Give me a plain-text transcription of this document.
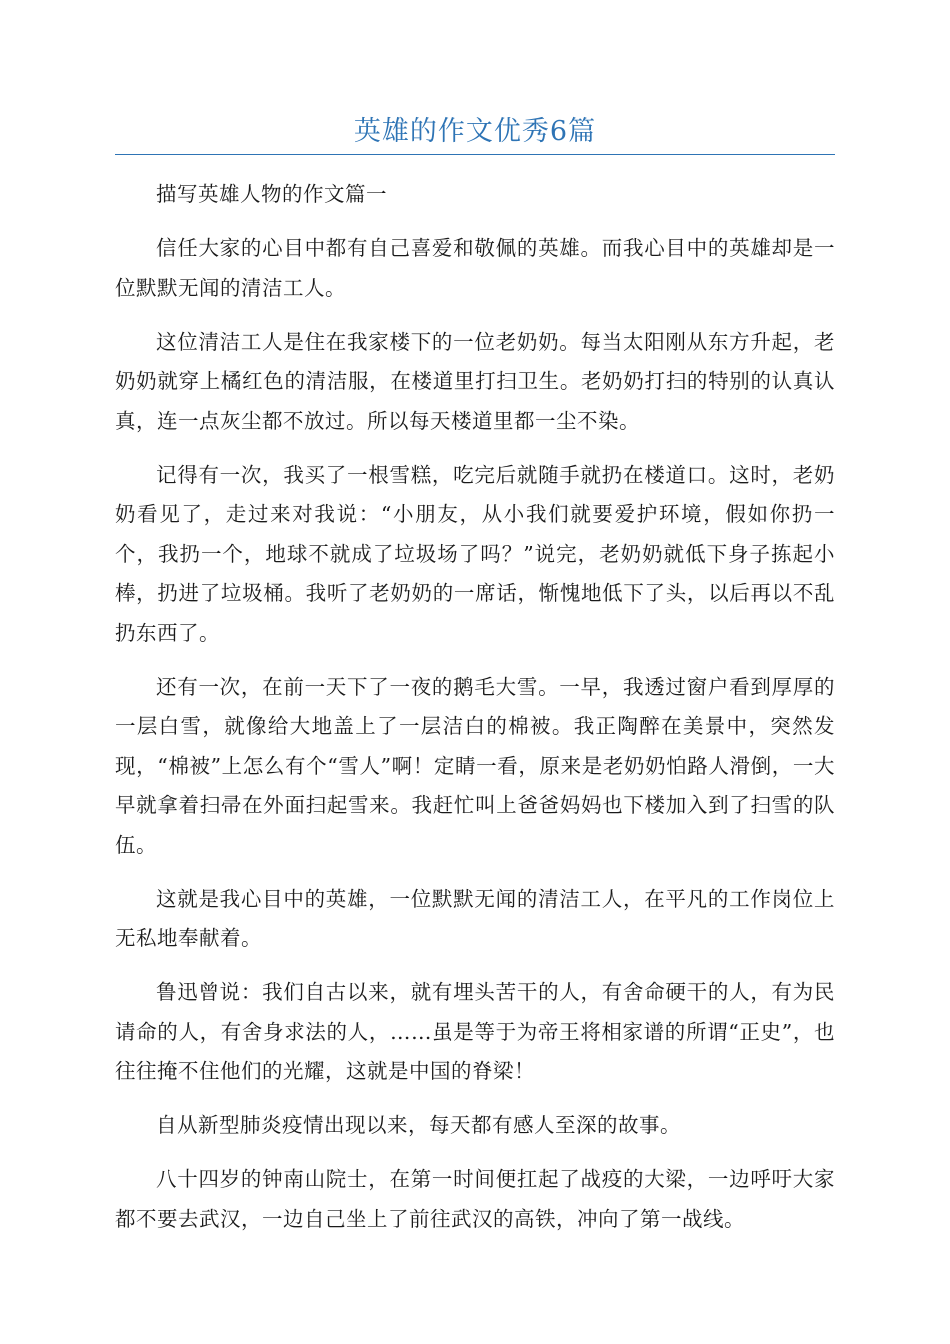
英雄的作文优秀6篇

描写英雄人物的作文篇一

信任大家的心目中都有自己喜爱和敬佩的英雄。而我心目中的英雄却是一位默默无闻的清洁工人。

这位清洁工人是住在我家楼下的一位老奶奶。每当太阳刚从东方升起，老奶奶就穿上橘红色的清洁服，在楼道里打扫卫生。老奶奶打扫的特别的认真认真，连一点灰尘都不放过。所以每天楼道里都一尘不染。

记得有一次，我买了一根雪糕，吃完后就随手就扔在楼道口。这时，老奶奶看见了，走过来对我说：“小朋友，从小我们就要爱护环境，假如你扔一个，我扔一个，地球不就成了垃圾场了吗？”说完，老奶奶就低下身子拣起小棒，扔进了垃圾桶。我听了老奶奶的一席话，惭愧地低下了头，以后再以不乱扔东西了。

还有一次，在前一天下了一夜的鹅毛大雪。一早，我透过窗户看到厚厚的一层白雪，就像给大地盖上了一层洁白的棉被。我正陶醉在美景中，突然发现，“棉被”上怎么有个“雪人”啊！定睛一看，原来是老奶奶怕路人滑倒，一大早就拿着扫帚在外面扫起雪来。我赶忙叫上爸爸妈妈也下楼加入到了扫雪的队伍。

这就是我心目中的英雄，一位默默无闻的清洁工人，在平凡的工作岗位上无私地奉献着。

鲁迅曾说：我们自古以来，就有埋头苦干的人，有舍命硬干的人，有为民请命的人，有舍身求法的人，……虽是等于为帝王将相家谱的所谓“正史”，也往往掩不住他们的光耀，这就是中国的脊梁！

自从新型肺炎疫情出现以来，每天都有感人至深的故事。

八十四岁的钟南山院士，在第一时间便扛起了战疫的大梁，一边呼吁大家都不要去武汉，一边自己坐上了前往武汉的高铁，冲向了第一战线。
